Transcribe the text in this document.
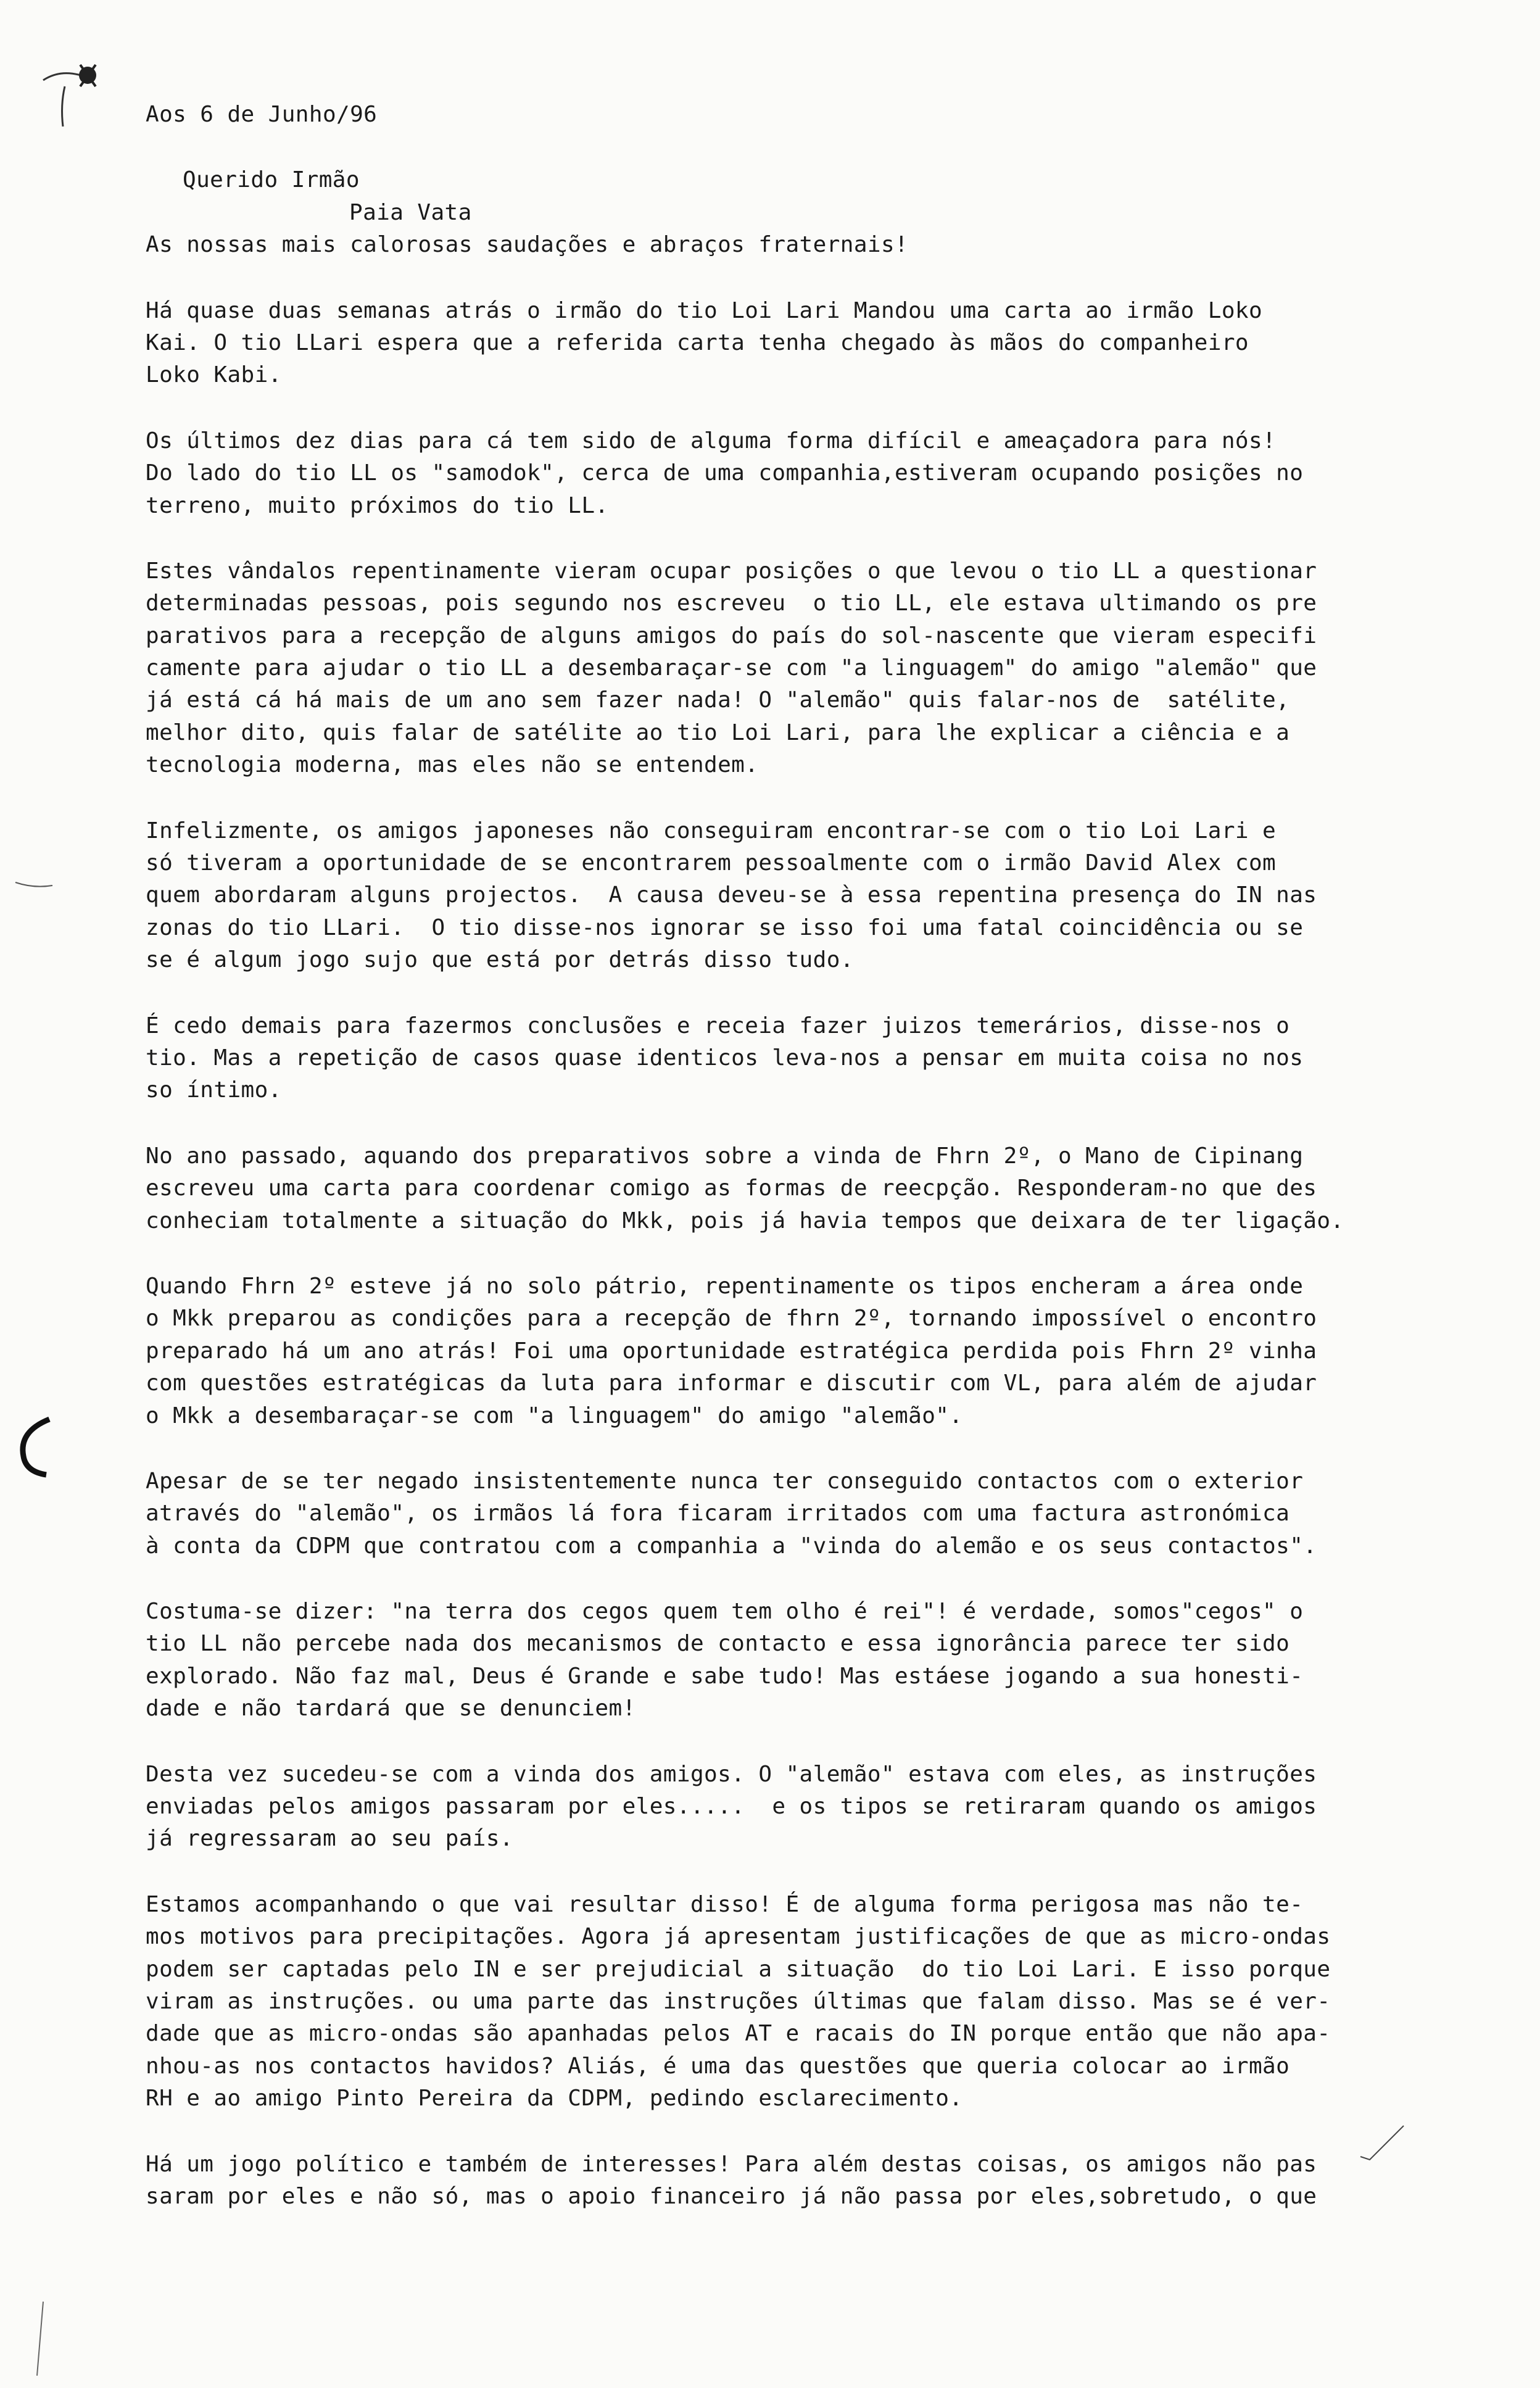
Aos 6 de Junho/96
Querido Irmão
Paia Vata
As nossas mais calorosas saudações e abraços fraternais!
Há quase duas semanas atrás o irmão do tio Loi Lari Mandou uma carta ao irmão Loko
Kai. O tio LLari espera que a referida carta tenha chegado às mãos do companheiro
Loko Kabi.
Os últimos dez dias para cá tem sido de alguma forma difícil e ameaçadora para nós!
Do lado do tio LL os "samodok", cerca de uma companhia,estiveram ocupando posições no
terreno, muito próximos do tio LL.
Estes vândalos repentinamente vieram ocupar posições o que levou o tio LL a questionar
determinadas pessoas, pois segundo nos escreveu  o tio LL, ele estava ultimando os pre
parativos para a recepção de alguns amigos do país do sol-nascente que vieram especifi
camente para ajudar o tio LL a desembaraçar-se com "a linguagem" do amigo "alemão" que
já está cá há mais de um ano sem fazer nada! O "alemão" quis falar-nos de  satélite,
melhor dito, quis falar de satélite ao tio Loi Lari, para lhe explicar a ciência e a
tecnologia moderna, mas eles não se entendem.
Infelizmente, os amigos japoneses não conseguiram encontrar-se com o tio Loi Lari e
só tiveram a oportunidade de se encontrarem pessoalmente com o irmão David Alex com
quem abordaram alguns projectos.  A causa deveu-se à essa repentina presença do IN nas
zonas do tio LLari.  O tio disse-nos ignorar se isso foi uma fatal coincidência ou se
se é algum jogo sujo que está por detrás disso tudo.
É cedo demais para fazermos conclusões e receia fazer juizos temerários, disse-nos o
tio. Mas a repetição de casos quase identicos leva-nos a pensar em muita coisa no nos
so íntimo.
No ano passado, aquando dos preparativos sobre a vinda de Fhrn 2º, o Mano de Cipinang
escreveu uma carta para coordenar comigo as formas de reecpção. Responderam-no que des
conheciam totalmente a situação do Mkk, pois já havia tempos que deixara de ter ligação.
Quando Fhrn 2º esteve já no solo pátrio, repentinamente os tipos encheram a área onde
o Mkk preparou as condições para a recepção de fhrn 2º, tornando impossível o encontro
preparado há um ano atrás! Foi uma oportunidade estratégica perdida pois Fhrn 2º vinha
com questões estratégicas da luta para informar e discutir com VL, para além de ajudar
o Mkk a desembaraçar-se com "a linguagem" do amigo "alemão".
Apesar de se ter negado insistentemente nunca ter conseguido contactos com o exterior
através do "alemão", os irmãos lá fora ficaram irritados com uma factura astronómica
à conta da CDPM que contratou com a companhia a "vinda do alemão e os seus contactos".
Costuma-se dizer: "na terra dos cegos quem tem olho é rei"! é verdade, somos"cegos" o
tio LL não percebe nada dos mecanismos de contacto e essa ignorância parece ter sido
explorado. Não faz mal, Deus é Grande e sabe tudo! Mas estáese jogando a sua honesti-
dade e não tardará que se denunciem!
Desta vez sucedeu-se com a vinda dos amigos. O "alemão" estava com eles, as instruções
enviadas pelos amigos passaram por eles.....  e os tipos se retiraram quando os amigos
já regressaram ao seu país.
Estamos acompanhando o que vai resultar disso! É de alguma forma perigosa mas não te-
mos motivos para precipitações. Agora já apresentam justificações de que as micro-ondas
podem ser captadas pelo IN e ser prejudicial a situação  do tio Loi Lari. E isso porque
viram as instruções. ou uma parte das instruções últimas que falam disso. Mas se é ver-
dade que as micro-ondas são apanhadas pelos AT e racais do IN porque então que não apa-
nhou-as nos contactos havidos? Aliás, é uma das questões que queria colocar ao irmão
RH e ao amigo Pinto Pereira da CDPM, pedindo esclarecimento.
Há um jogo político e também de interesses! Para além destas coisas, os amigos não pas
saram por eles e não só, mas o apoio financeiro já não passa por eles,sobretudo, o que
